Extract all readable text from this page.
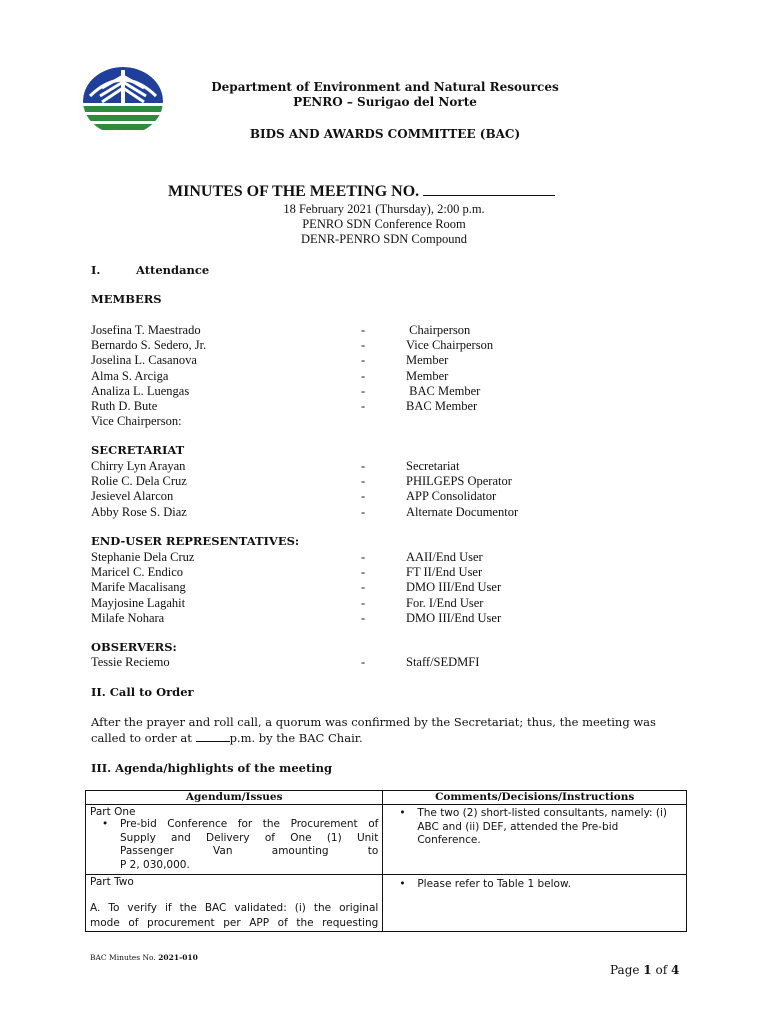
Department of Environment and Natural Resources
PENRO – Surigao del Norte
BIDS AND AWARDS COMMITTEE (BAC)
MINUTES OF THE MEETING NO.
18 February 2021 (Thursday), 2:00 p.m.
PENRO SDN Conference Room
DENR-PENRO SDN Compound
I.	Attendance
MEMBERS
Josefina T. Maestrado	-	Chairperson
Bernardo S. Sedero, Jr.	-	Vice Chairperson
Joselina L. Casanova	-	Member
Alma S. Arciga	-	Member
Analiza L. Luengas	-	BAC Member
Ruth D. Bute	-	BAC Member
Vice Chairperson:
SECRETARIAT
Chirry Lyn Arayan	-	Secretariat
Rolie C. Dela Cruz	-	PHILGEPS Operator
Jesievel Alarcon	-	APP Consolidator
Abby Rose S. Diaz	-	Alternate Documentor
END-USER REPRESENTATIVES:
Stephanie Dela Cruz	-	AAII/End User
Maricel C. Endico	-	FT II/End User
Marife Macalisang	-	DMO III/End User
Mayjosine Lagahit	-	For. I/End User
Milafe Nohara	-	DMO III/End User
OBSERVERS:
Tessie Reciemo	-	Staff/SEDMFI
II. Call to Order
After the prayer and roll call, a quorum was confirmed by the Secretariat; thus, the meeting was
called to order at	p.m. by the BAC Chair.
III. Agenda/highlights of the meeting
Agendum/Issues	Comments/Decisions/Instructions

Part One
• Pre-bid Conference for the Procurement of
Supply and Delivery of One (1) Unit
Passenger Van amounting to
P 2, 030,000.	• The two (2) short-listed consultants, namely: (i) ABC and (ii) DEF, attended the Pre-bid Conference.

Part Two
A. To verify if the BAC validated: (i) the original
mode of procurement per APP of the requesting	• Please refer to Table 1 below.
BAC Minutes No. 2021-010
Page 1 of 4
